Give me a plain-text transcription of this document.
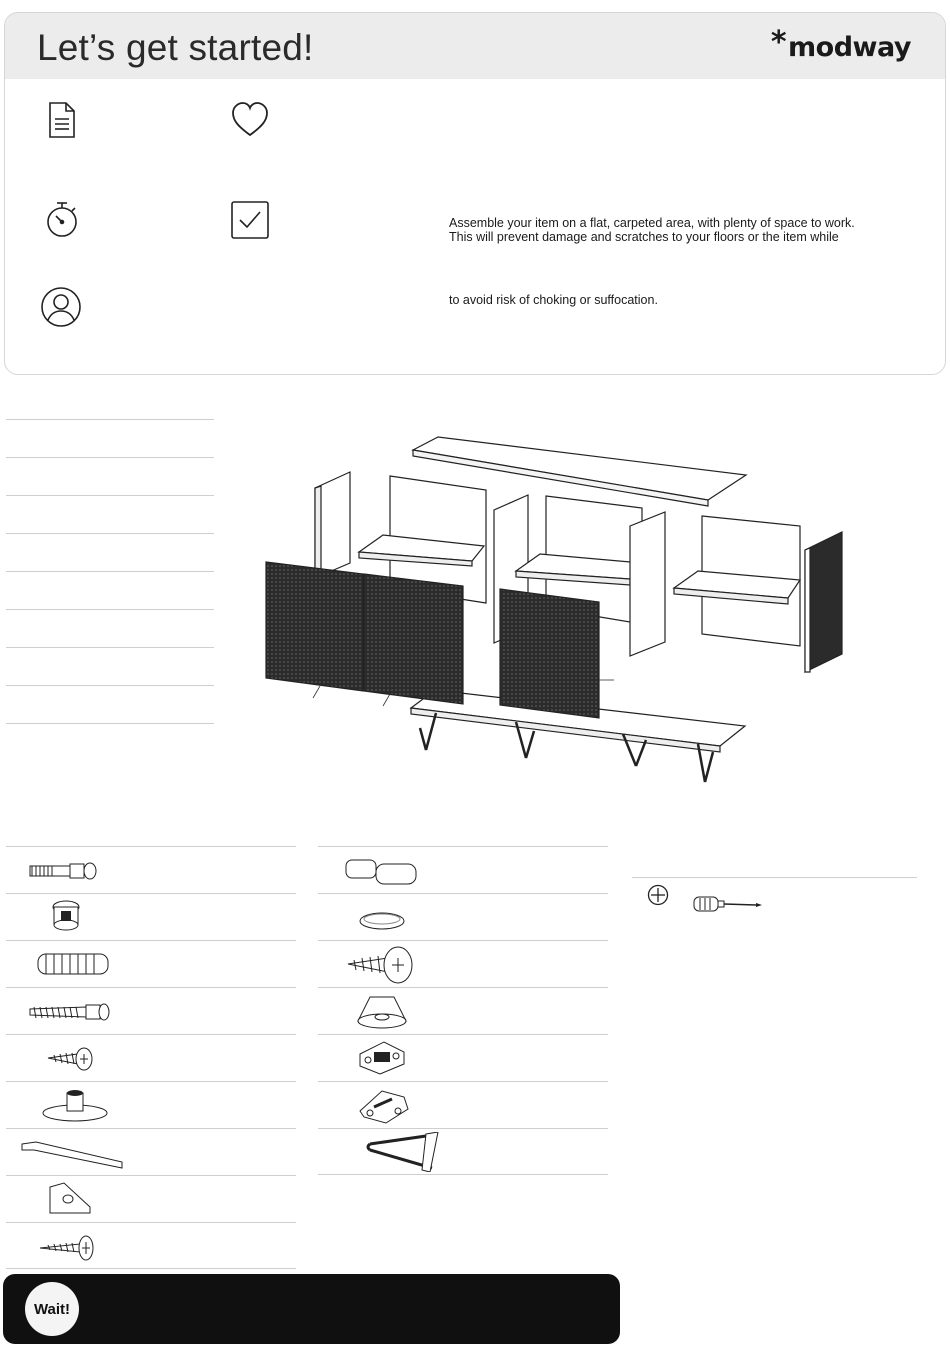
Let’s get started!	*modway
Assemble your item on a flat, carpeted area, with plenty of space to work.
This will prevent damage and scratches to your floors or the item while
to avoid risk of choking or suffocation.
Wait!
